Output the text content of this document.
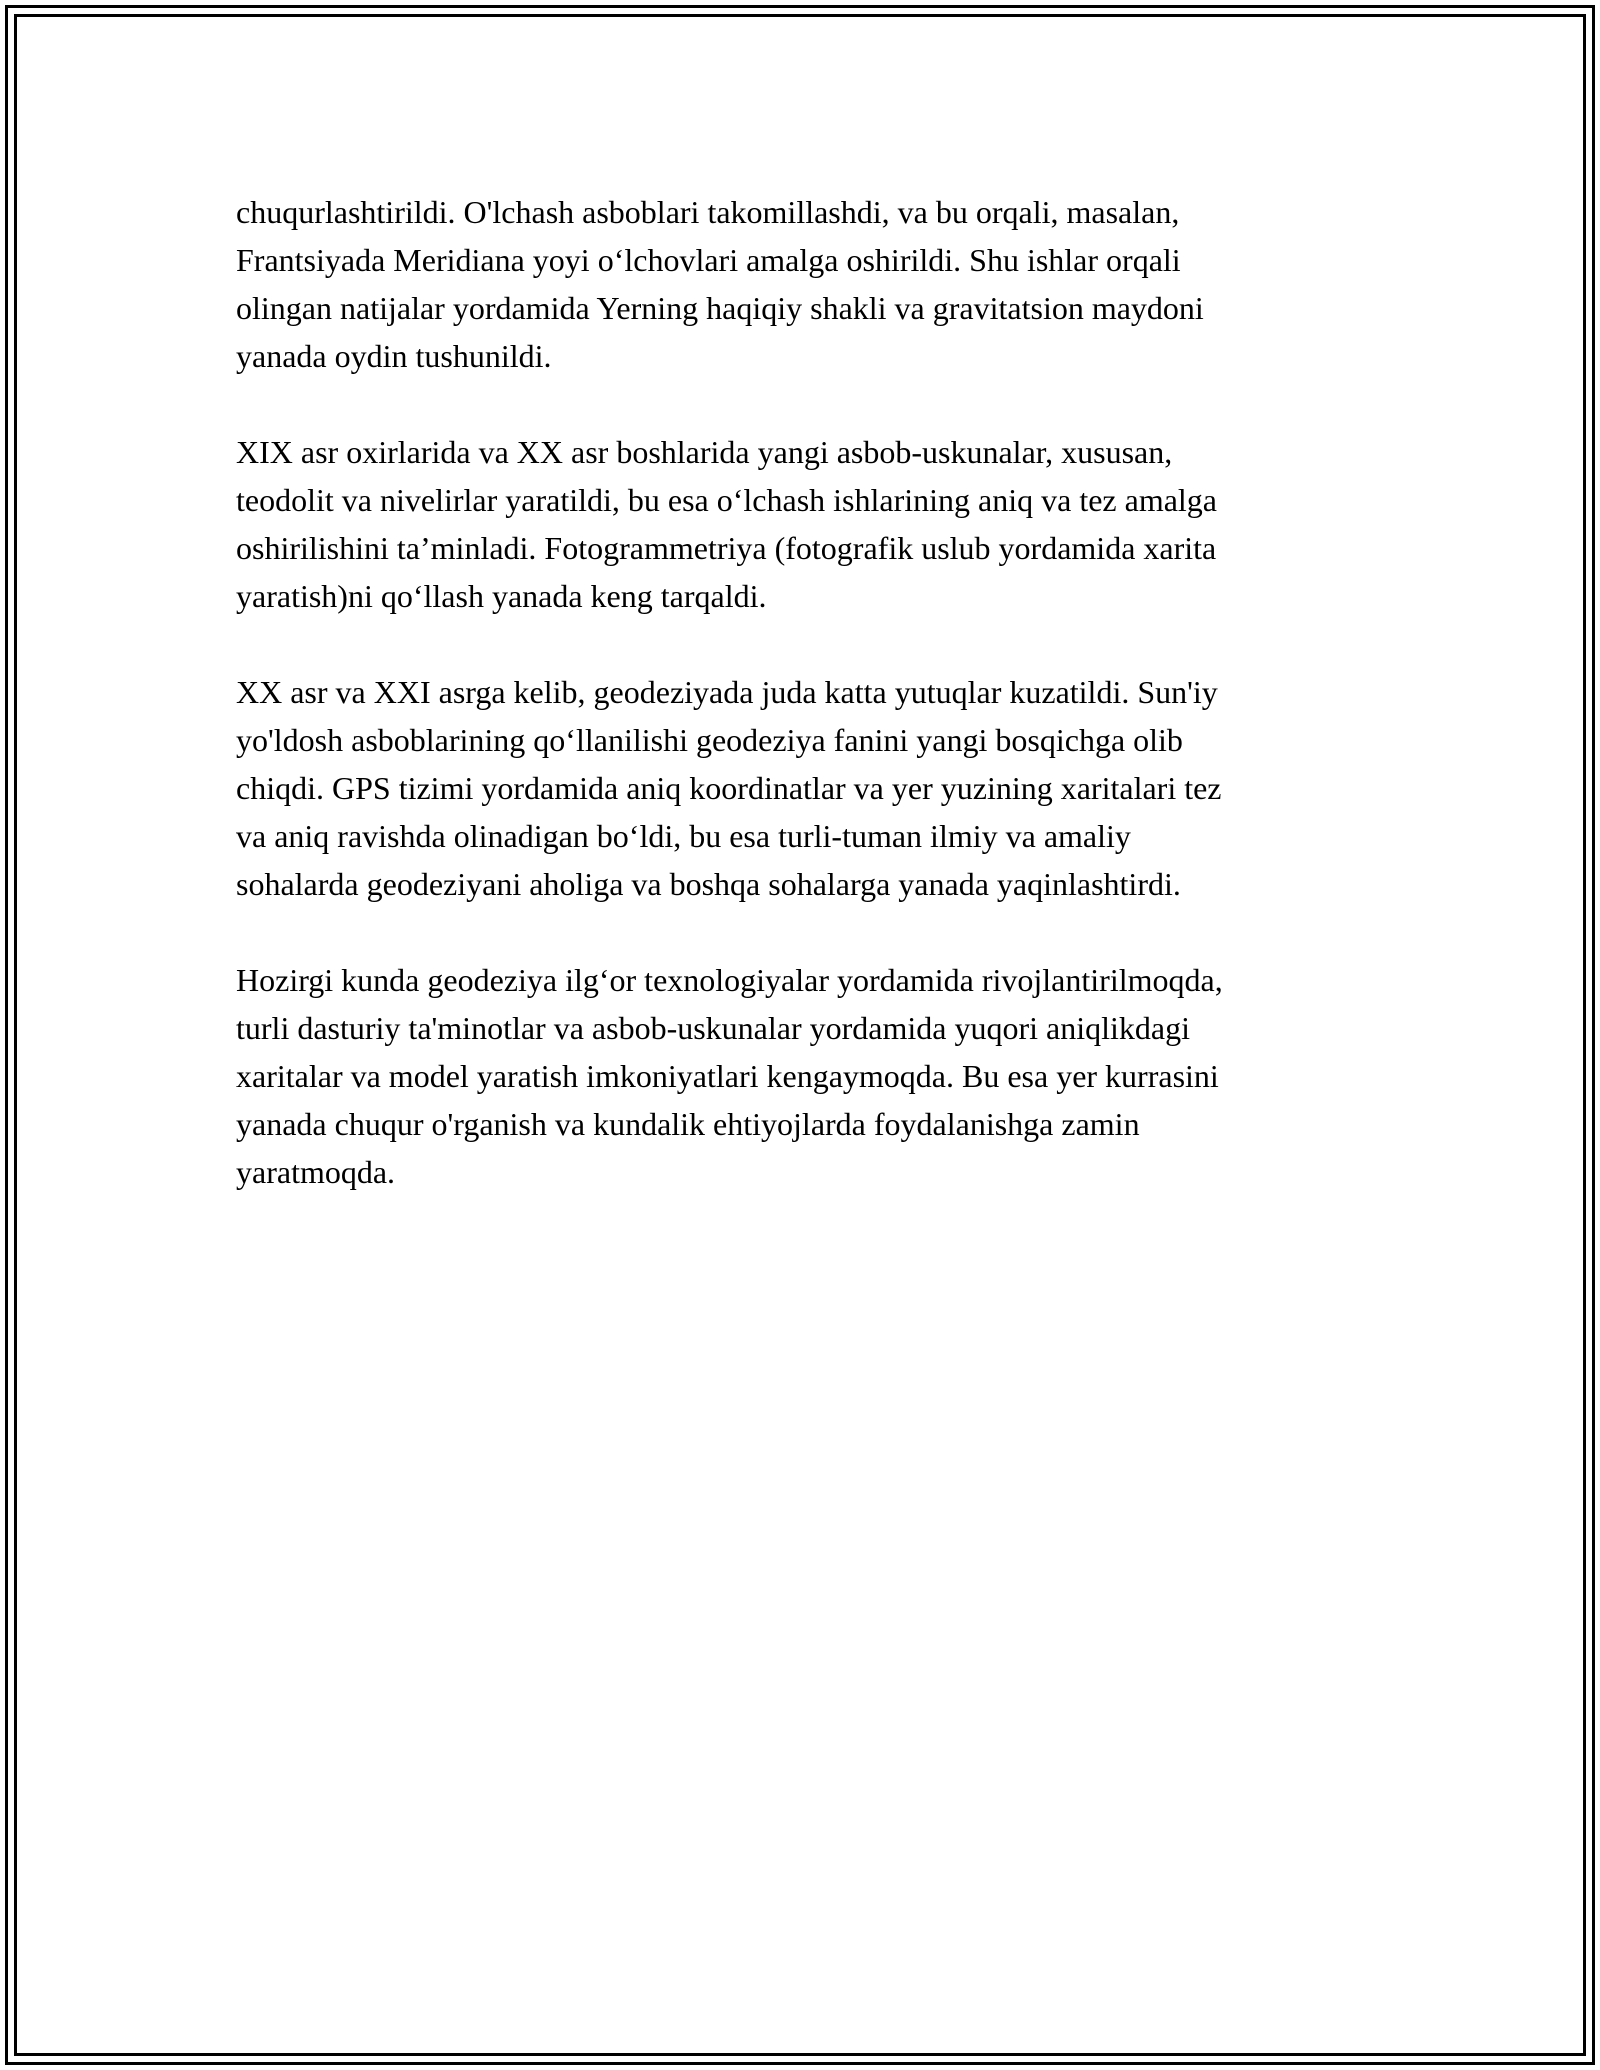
chuqurlashtirildi. O'lchash asboblari takomillashdi, va bu orqali, masalan,
Frantsiyada Meridiana yoyi o‘lchovlari amalga oshirildi. Shu ishlar orqali
olingan natijalar yordamida Yerning haqiqiy shakli va gravitatsion maydoni
yanada oydin tushunildi.

XIX asr oxirlarida va XX asr boshlarida yangi asbob-uskunalar, xususan,
teodolit va nivelirlar yaratildi, bu esa o‘lchash ishlarining aniq va tez amalga
oshirilishini ta’minladi. Fotogrammetriya (fotografik uslub yordamida xarita
yaratish)ni qo‘llash yanada keng tarqaldi.

XX asr va XXI asrga kelib, geodeziyada juda katta yutuqlar kuzatildi. Sun'iy
yo'ldosh asboblarining qo‘llanilishi geodeziya fanini yangi bosqichga olib
chiqdi. GPS tizimi yordamida aniq koordinatlar va yer yuzining xaritalari tez
va aniq ravishda olinadigan bo‘ldi, bu esa turli-tuman ilmiy va amaliy
sohalarda geodeziyani aholiga va boshqa sohalarga yanada yaqinlashtirdi.

Hozirgi kunda geodeziya ilg‘or texnologiyalar yordamida rivojlantirilmoqda,
turli dasturiy ta'minotlar va asbob-uskunalar yordamida yuqori aniqlikdagi
xaritalar va model yaratish imkoniyatlari kengaymoqda. Bu esa yer kurrasini
yanada chuqur o'rganish va kundalik ehtiyojlarda foydalanishga zamin
yaratmoqda.
